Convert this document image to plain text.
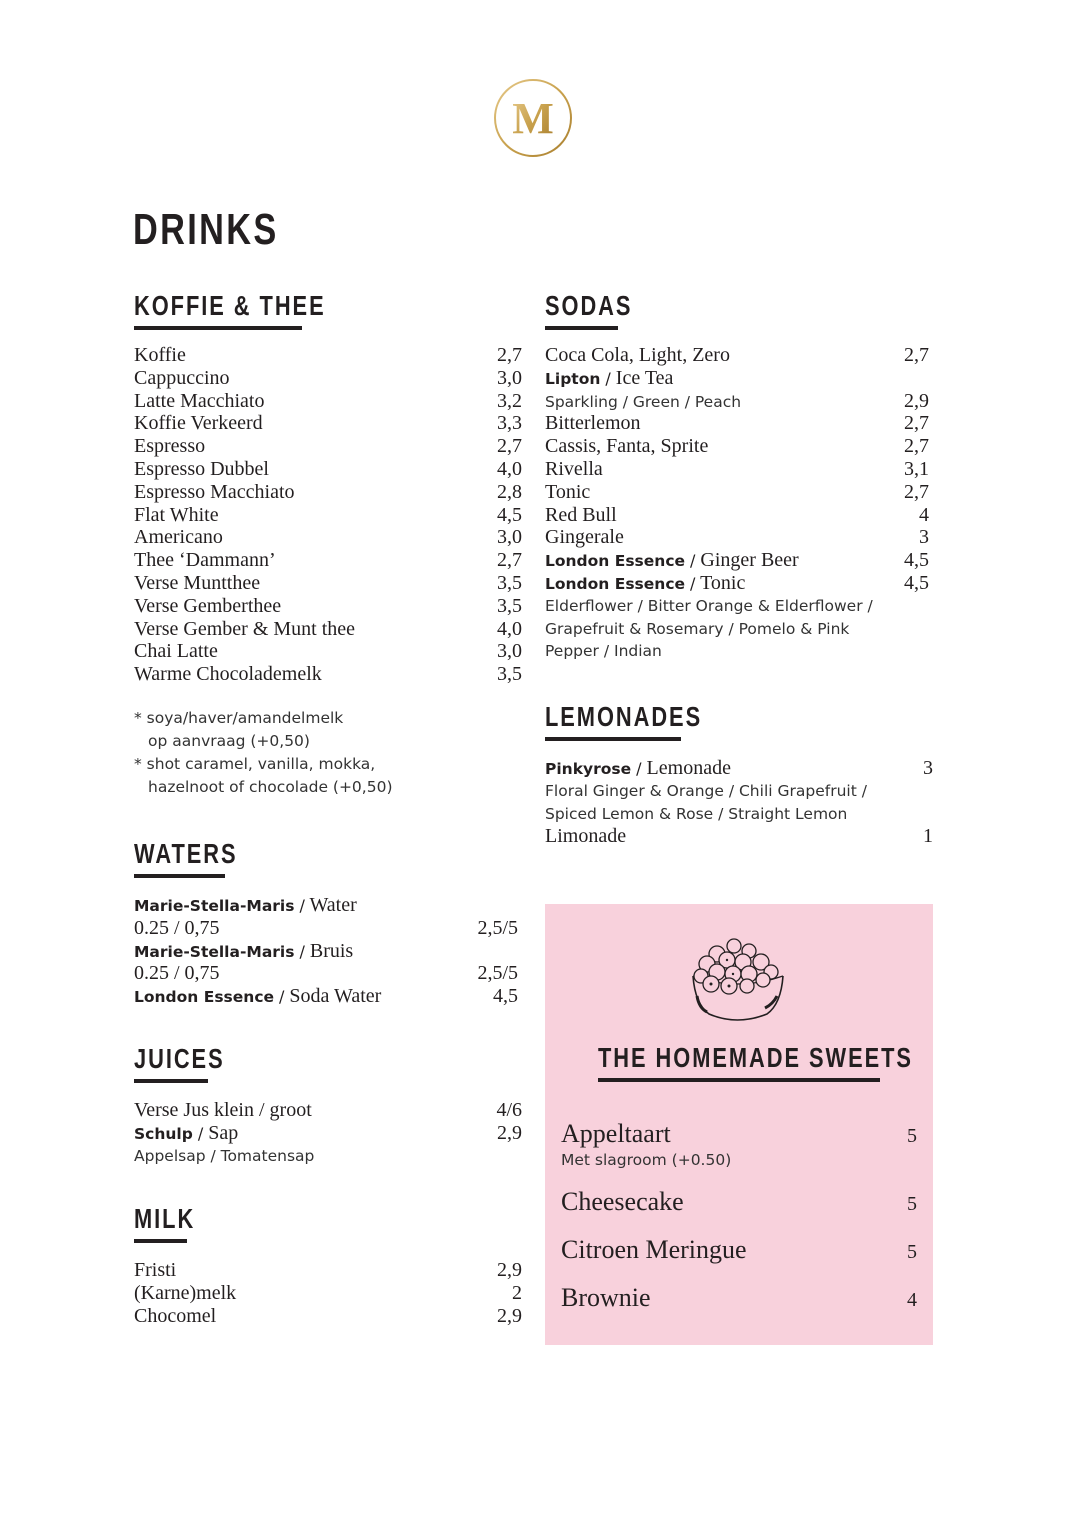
M
DRINKS
KOFFIE & THEE
Koffie	2,7
Cappuccino	3,0
Latte Macchiato	3,2
Koffie Verkeerd	3,3
Espresso	2,7
Espresso Dubbel	4,0
Espresso Macchiato	2,8
Flat White	4,5
Americano	3,0
Thee ‘Dammann’	2,7
Verse Muntthee	3,5
Verse Gemberthee	3,5
Verse Gember & Munt thee	4,0
Chai Latte	3,0
Warme Chocolademelk	3,5
* soya/haver/amandelmelk
op aanvraag (+0,50)
* shot caramel, vanilla, mokka,
hazelnoot of chocolade (+0,50)
WATERS
Marie-Stella-Maris / Water
0.25 / 0,75	2,5/5
Marie-Stella-Maris / Bruis
0.25 / 0,75	2,5/5
London Essence / Soda Water	4,5
JUICES
Verse Jus klein / groot	4/6
Schulp / Sap	2,9
Appelsap / Tomatensap
MILK
Fristi	2,9
(Karne)melk	2
Chocomel	2,9
SODAS
Coca Cola, Light, Zero	2,7
Lipton / Ice Tea
Sparkling / Green / Peach	2,9
Bitterlemon	2,7
Cassis, Fanta, Sprite	2,7
Rivella	3,1
Tonic	2,7
Red Bull	4
Gingerale	3
London Essence / Ginger Beer	4,5
London Essence / Tonic	4,5
Elderflower / Bitter Orange & Elderflower /
Grapefruit & Rosemary / Pomelo & Pink
Pepper / Indian
LEMONADES
Pinkyrose / Lemonade	3
Floral Ginger & Orange / Chili Grapefruit /
Spiced Lemon & Rose / Straight Lemon
Limonade	1
THE HOMEMADE SWEETS
Appeltaart	5
Met slagroom (+0.50)
Cheesecake	5
Citroen Meringue	5
Brownie	4
